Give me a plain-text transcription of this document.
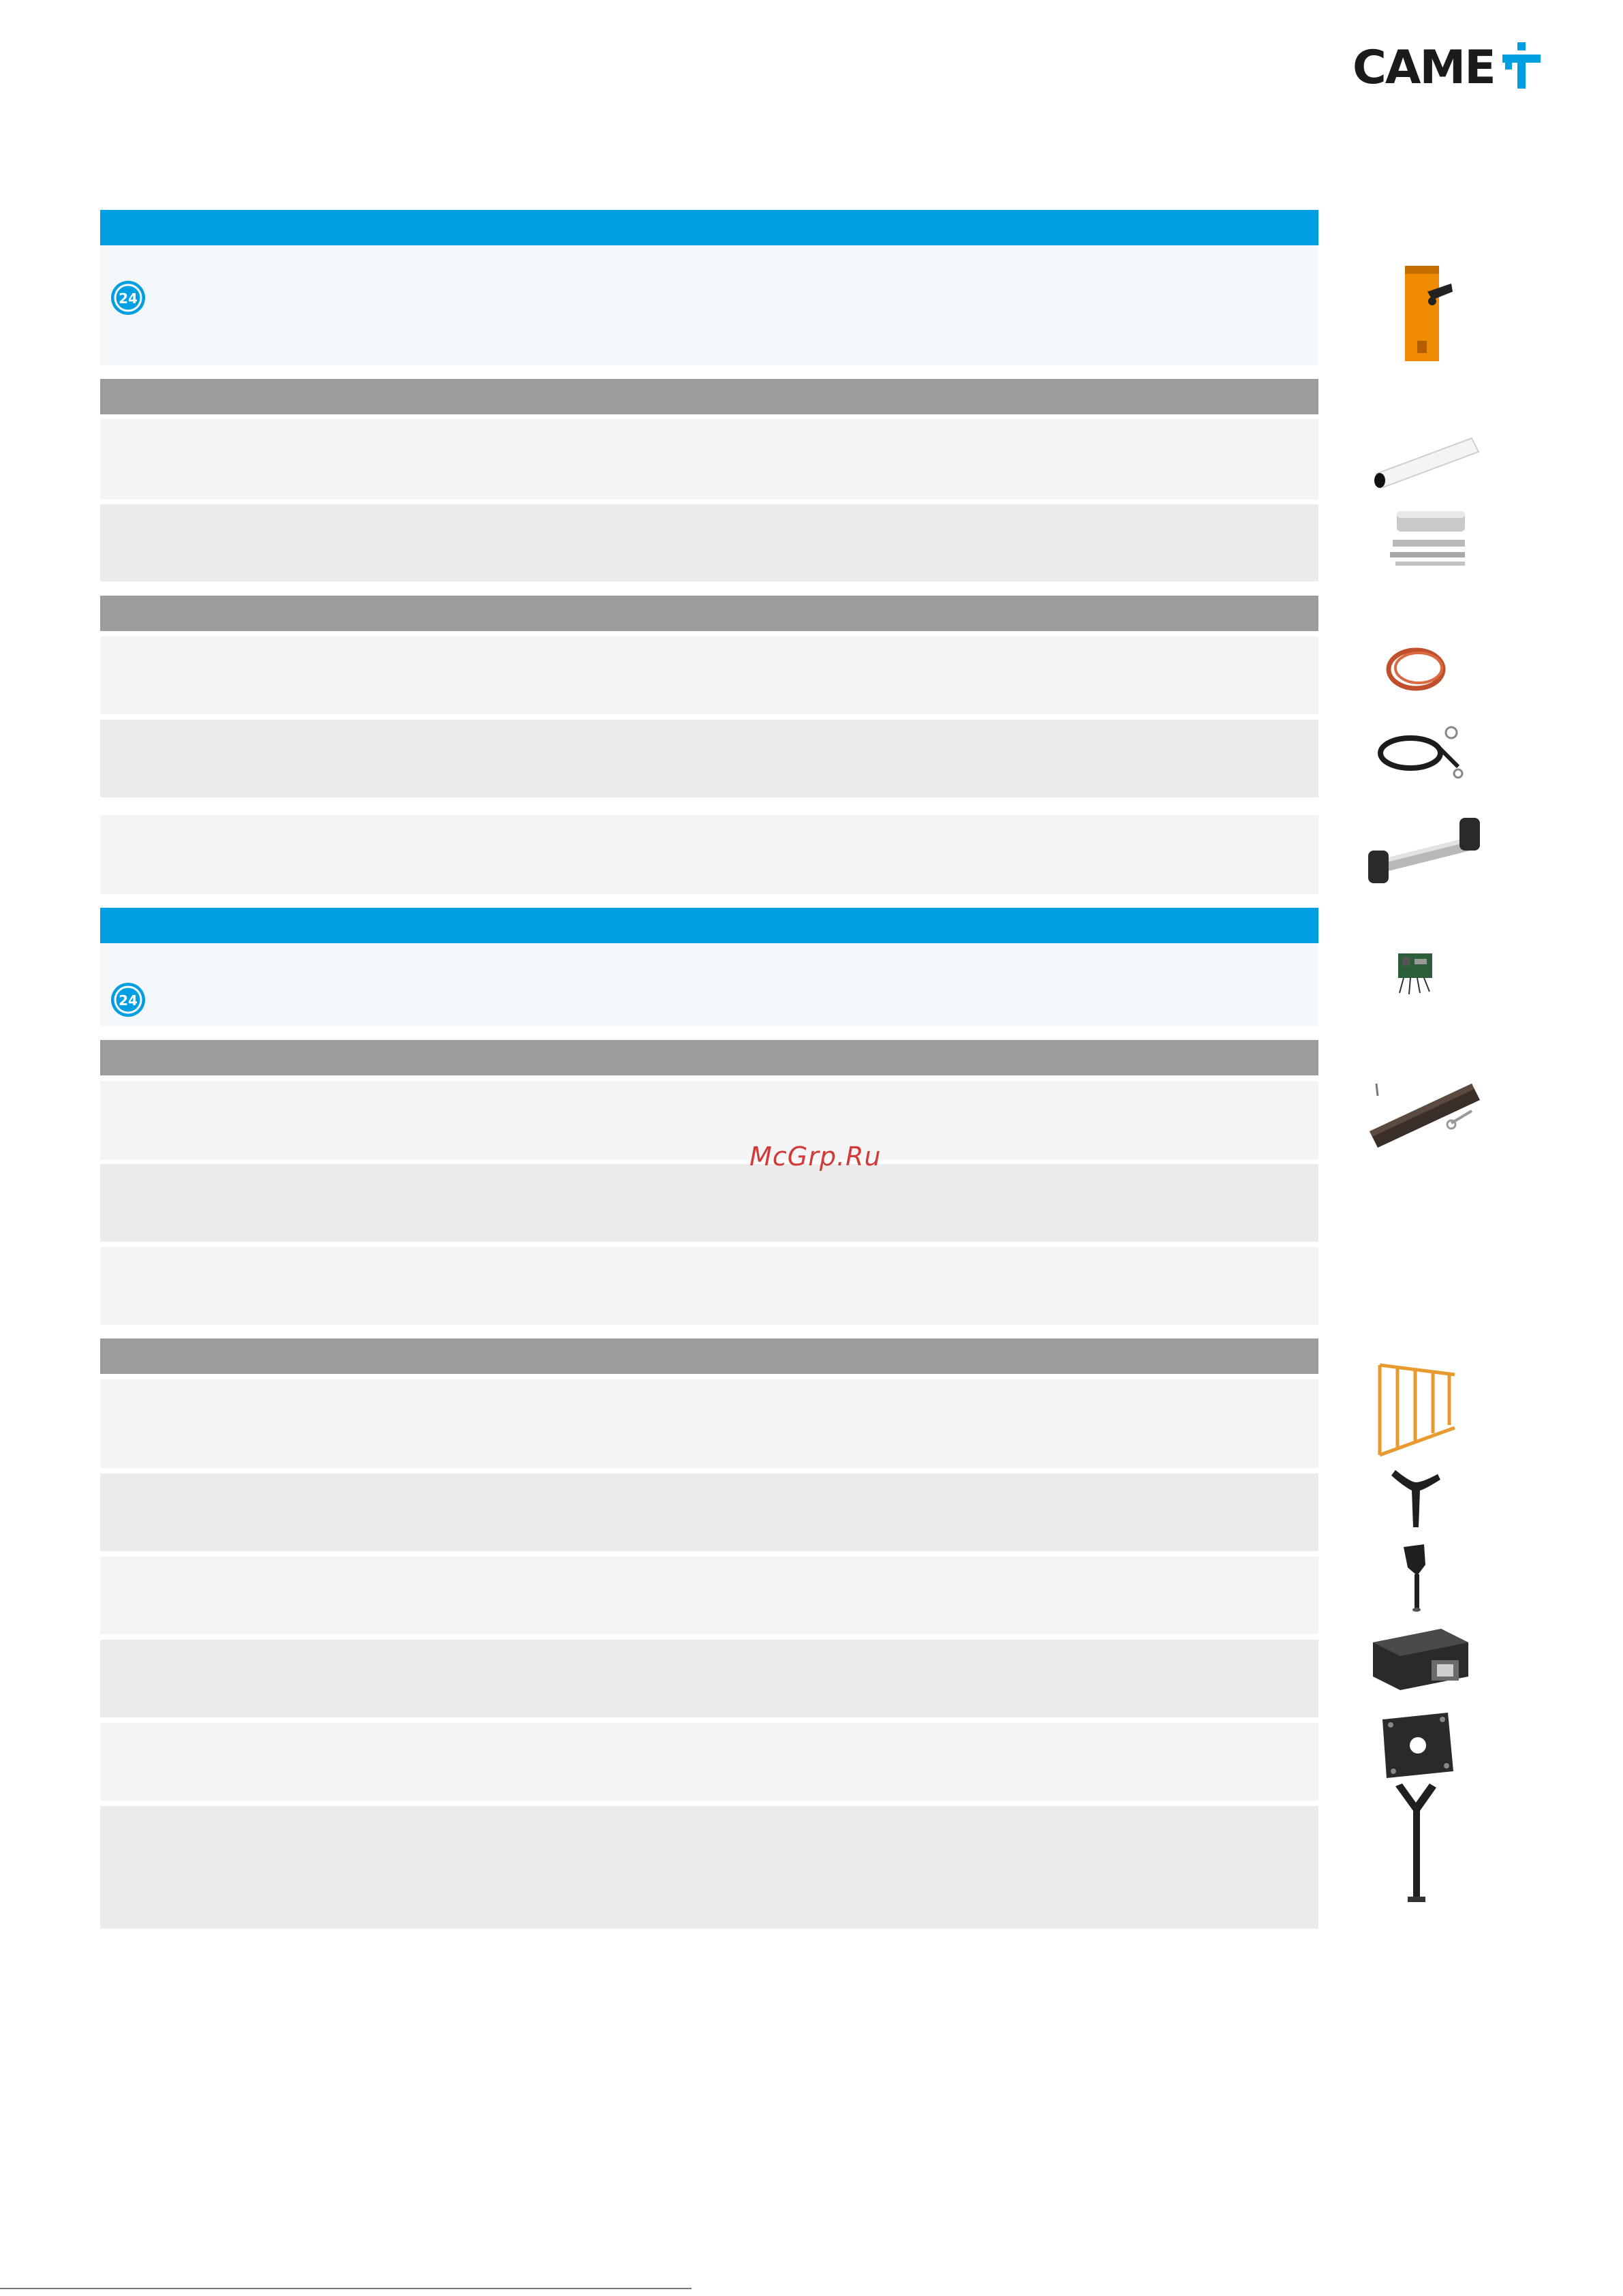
CAME
24
24
McGrp.Ru
